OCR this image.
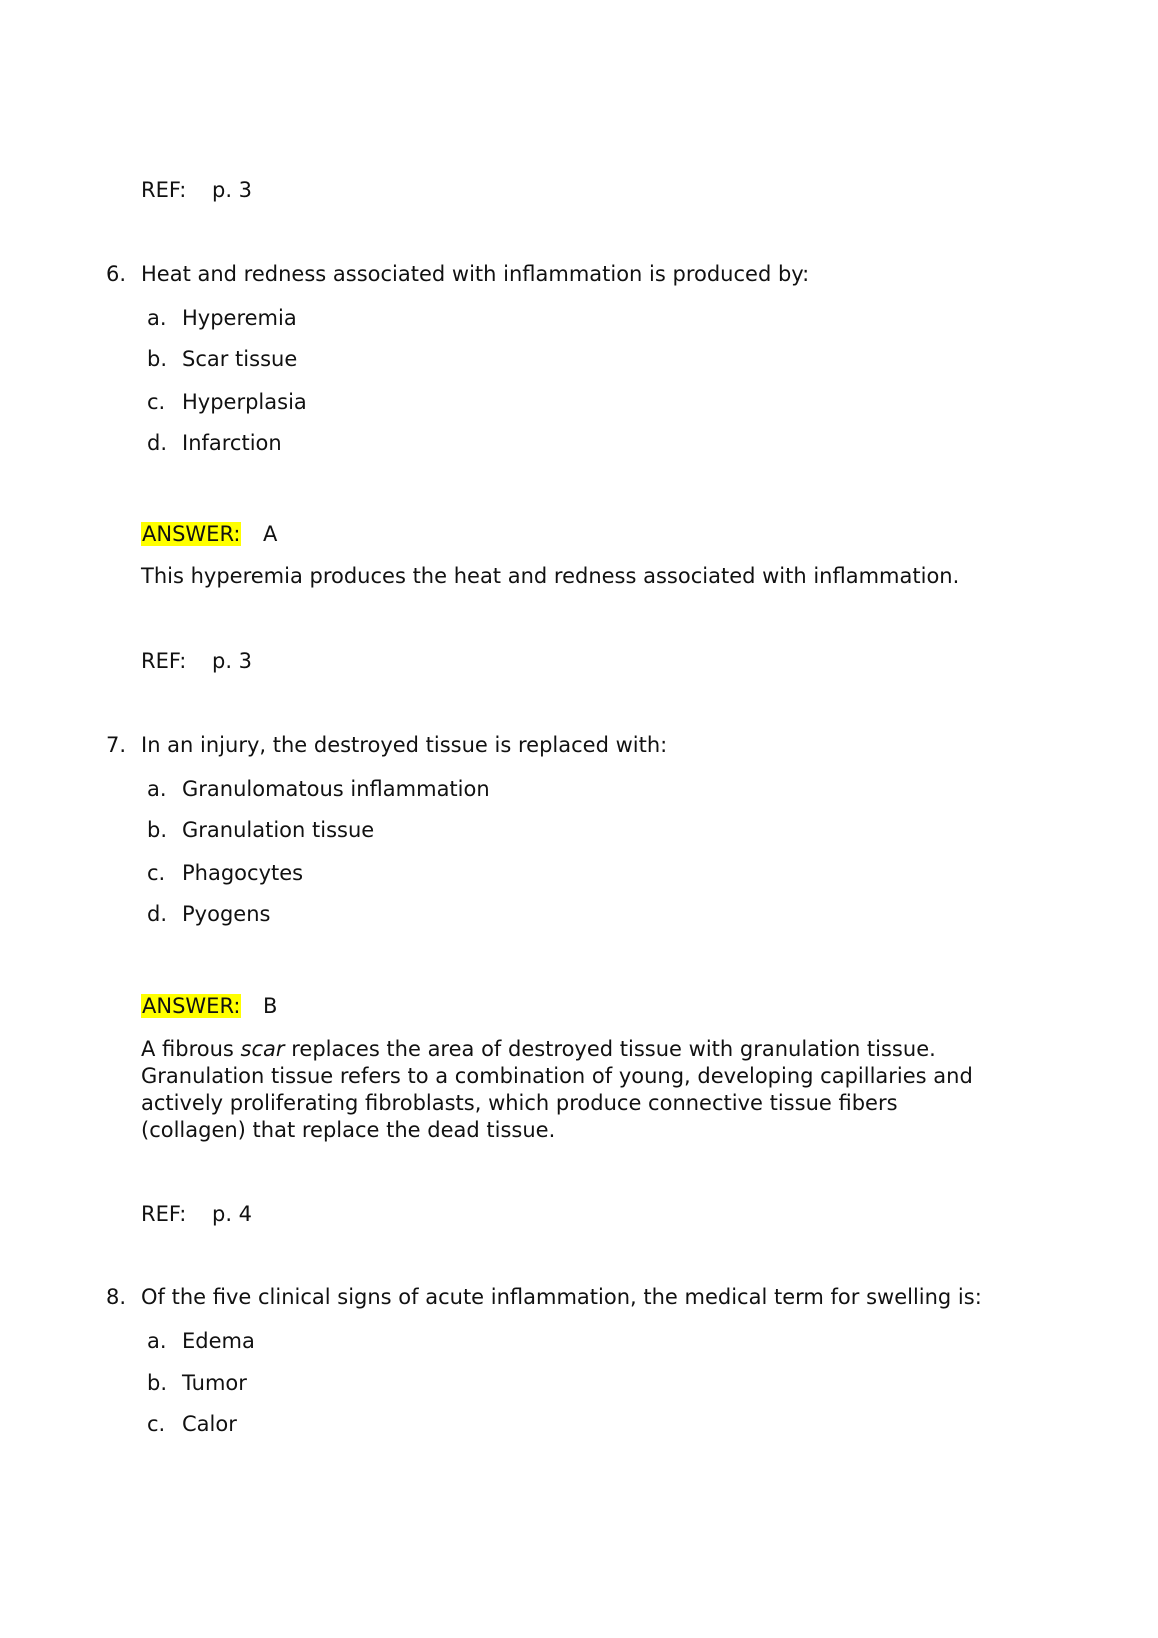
REF: p. 3
6. Heat and redness associated with inflammation is produced by:
a. Hyperemia
b. Scar tissue
c. Hyperplasia
d. Infarction
ANSWER: A
This hyperemia produces the heat and redness associated with inflammation.
REF: p. 3
7. In an injury, the destroyed tissue is replaced with:
a. Granulomatous inflammation
b. Granulation tissue
c. Phagocytes
d. Pyogens
ANSWER: B
A fibrous scar replaces the area of destroyed tissue with granulation tissue.
Granulation tissue refers to a combination of young, developing capillaries and
actively proliferating fibroblasts, which produce connective tissue fibers
(collagen) that replace the dead tissue.
REF: p. 4
8. Of the five clinical signs of acute inflammation, the medical term for swelling is:
a. Edema
b. Tumor
c. Calor
